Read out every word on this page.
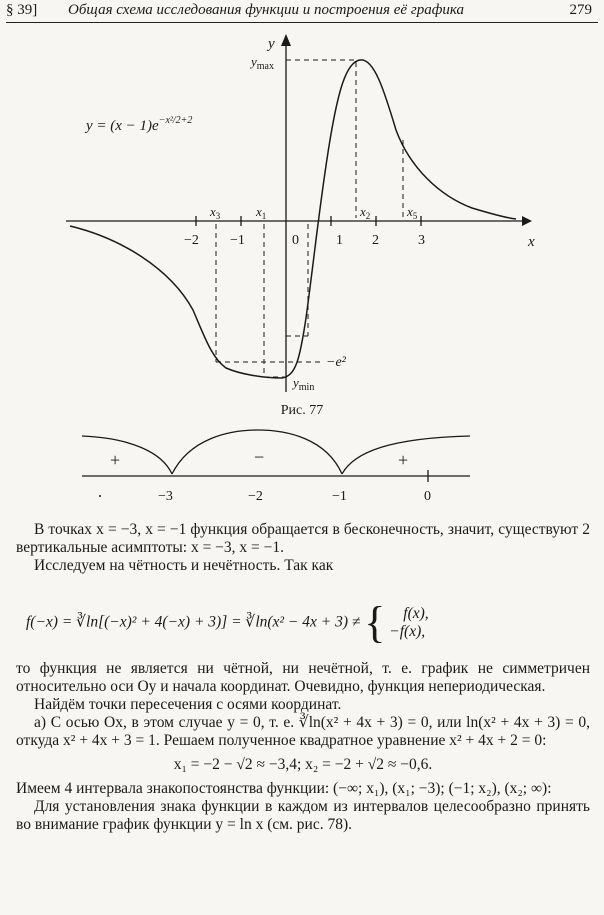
§ 39] Общая схема исследования функции и построения её графика	279
$y = (x - 1)e^{-x^2/2+2}$
y
x
$y_{max}$
$y_{min}$
−e²
$x_3$	$x_1$	$x_2$	$x_5$
−2 −1	0	1 2	3
Рис. 77
+	−	+
−3	−2	−1	0

В точках x = −3, x = −1 функция обращается в бесконечность, значит, существуют 2 вертикальные асимптоты: x = −3, x = −1.

Исследуем на чётность и нечётность. Так как

f(−x) = ∛ln[(−x)² + 4(−x) + 3)] = ∛ln(x² − 4x + 3) ≠ {	f(x),
−f(x),

то функция не является ни чётной, ни нечётной, т. е. график не симметричен относительно оси Oy и начала координат. Очевидно, функция непериодическая.

Найдём точки пересечения с осями координат.

а) С осью Ox, в этом случае y = 0, т. е. ∛ln(x² + 4x + 3) = 0, или ln(x² + 4x + 3) = 0, откуда x² + 4x + 3 = 1. Решаем полученное квадратное уравнение x² + 4x + 2 = 0:

x₁ = −2 − √2 ≈ −3,4; x₂ = −2 + √2 ≈ −0,6.

Имеем 4 интервала знакопостоянства функции: (−∞; x₁), (x₁; −3); (−1; x₂), (x₂; ∞):

Для установления знака функции в каждом из интервалов целесообразно принять во внимание график функции y = ln x (см. рис. 78).
